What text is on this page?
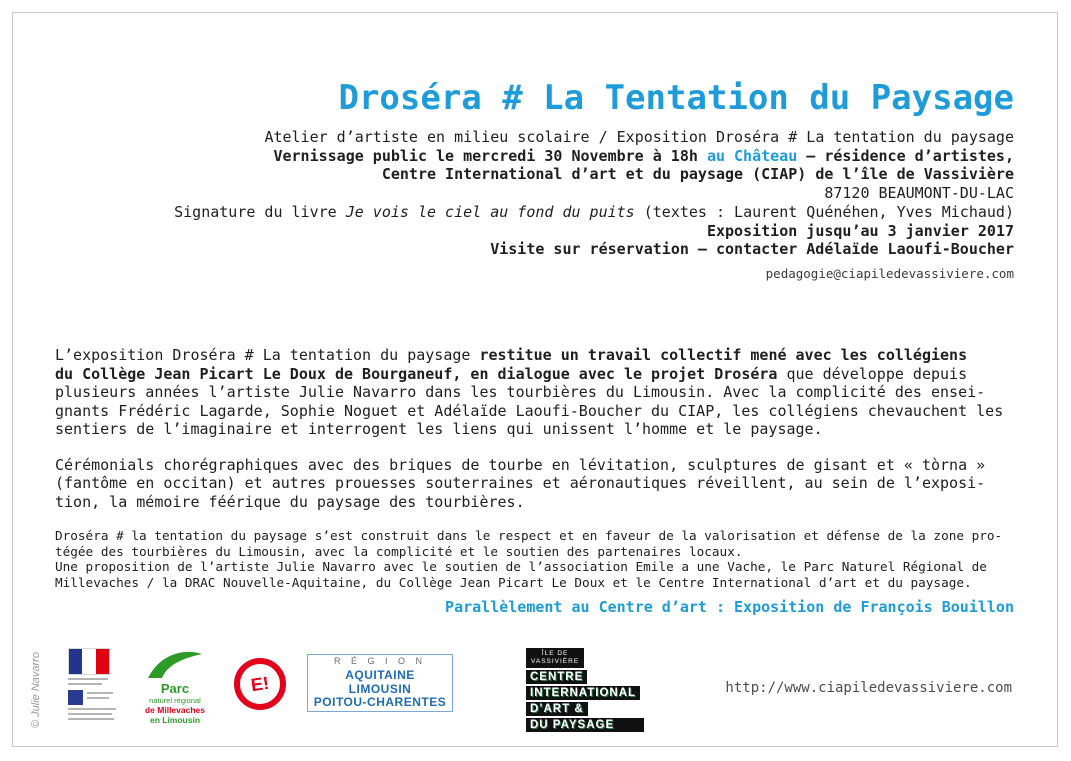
© Julie Navarro
Droséra # La Tentation du Paysage
Atelier d’artiste en milieu scolaire / Exposition Droséra # La tentation du paysage
Vernissage public le mercredi 30 Novembre à 18h au Château – résidence d’artistes,
Centre International d’art et du paysage (CIAP) de l’île de Vassivière
87120 BEAUMONT-DU-LAC
Signature du livre Je vois le ciel au fond du puits (textes : Laurent Quénéhen, Yves Michaud)
Exposition jusqu’au 3 janvier 2017
Visite sur réservation – contacter Adélaïde Laoufi-Boucher
pedagogie@ciapiledevassiviere.com
L’exposition Droséra # La tentation du paysage restitue un travail collectif mené avec les collégiens
du Collège Jean Picart Le Doux de Bourganeuf, en dialogue avec le projet Droséra que développe depuis
plusieurs années l’artiste Julie Navarro dans les tourbières du Limousin. Avec la complicité des ensei-
gnants Frédéric Lagarde, Sophie Noguet et Adélaïde Laoufi-Boucher du CIAP, les collégiens chevauchent les
sentiers de l’imaginaire et interrogent les liens qui unissent l’homme et le paysage.
Cérémonials chorégraphiques avec des briques de tourbe en lévitation, sculptures de gisant et « tòrna »
(fantôme en occitan) et autres prouesses souterraines et aéronautiques réveillent, au sein de l’exposi-
tion, la mémoire féérique du paysage des tourbières.
Droséra # la tentation du paysage s’est construit dans le respect et en faveur de la valorisation et défense de la zone pro-
tégée des tourbières du Limousin, avec la complicité et le soutien des partenaires locaux.
Une proposition de l’artiste Julie Navarro avec le soutien de l’association Emile a une Vache, le Parc Naturel Régional de
Millevaches / la DRAC Nouvelle-Aquitaine, du Collège Jean Picart Le Doux et le Centre International d’art et du paysage.
Parallèlement au Centre d’art : Exposition de François Bouillon
Parc
naturel régional
de Millevaches
en Limousin
E!
R É G I O N
AQUITAINE
LIMOUSIN
POITOU-CHARENTES
ÎLE DE
VASSIVIÈRE
CENTRE
INTERNATIONAL
D’ART &
DU PAYSAGE
http://www.ciapiledevassiviere.com
